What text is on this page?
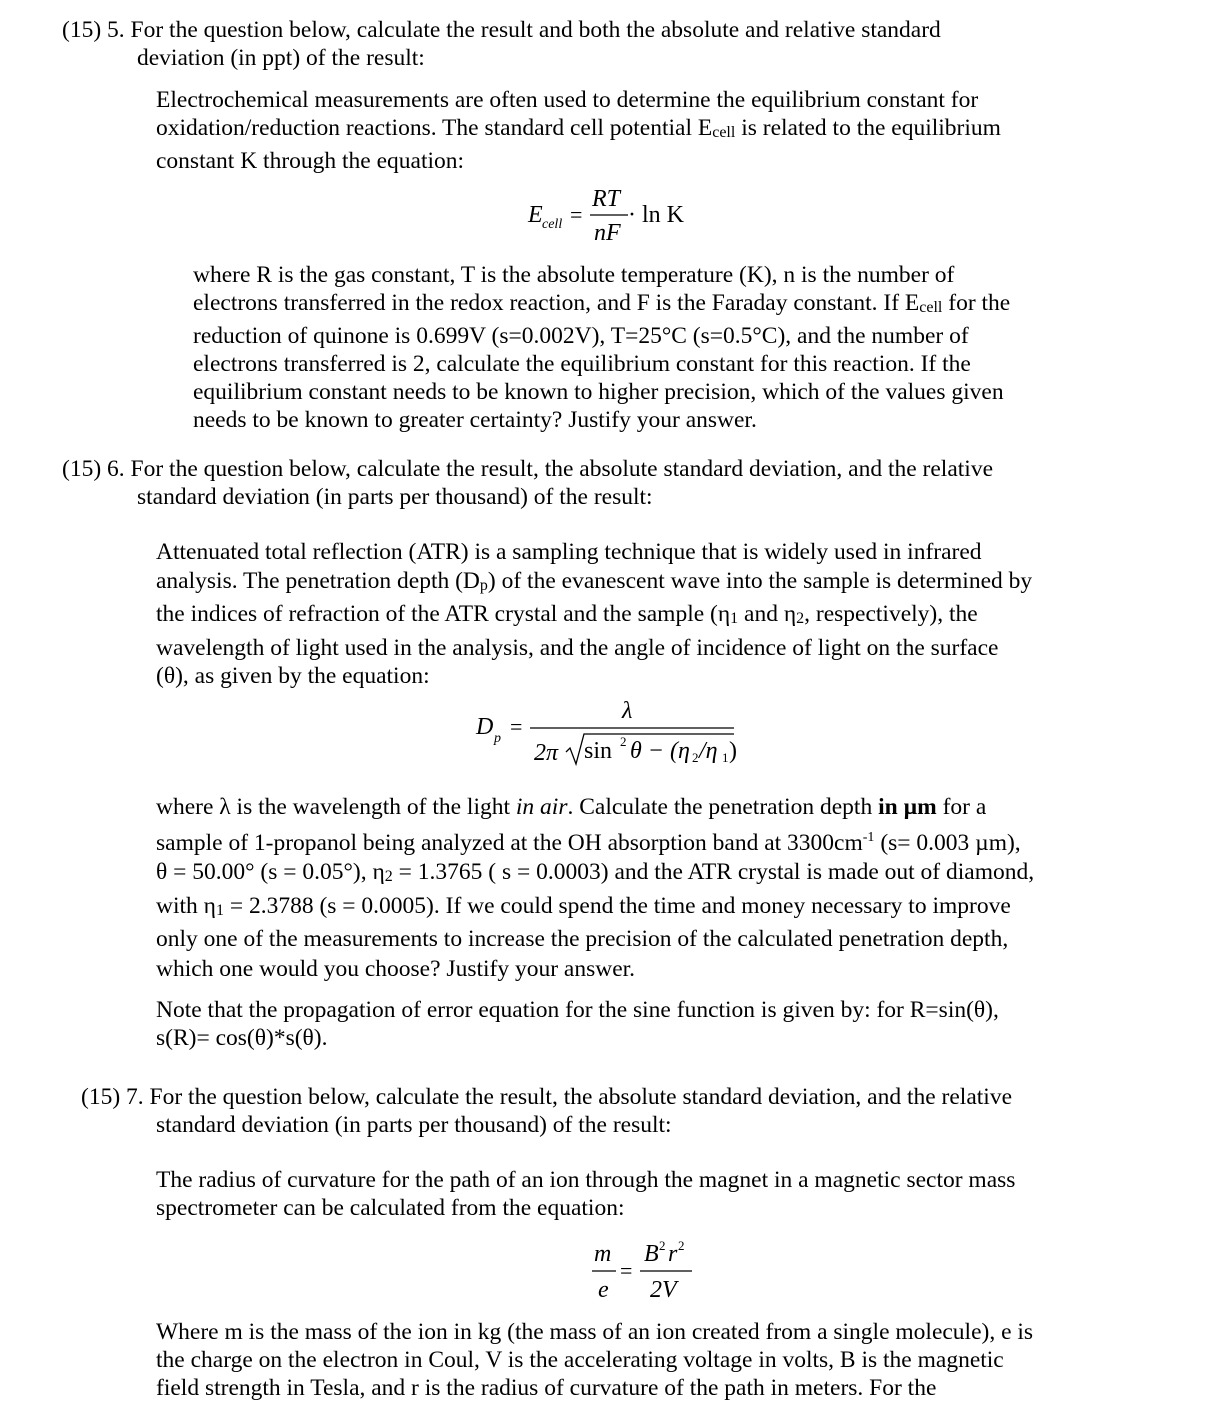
(15) 5. For the question below, calculate the result and both the absolute and relative standard
deviation (in ppt) of the result:
Electrochemical measurements are often used to determine the equilibrium constant for
oxidation/reduction reactions. The standard cell potential Ecell is related to the equilibrium
constant K through the equation:
E cell =
RT
nF
· ln K
where R is the gas constant, T is the absolute temperature (K), n is the number of
electrons transferred in the redox reaction, and F is the Faraday constant. If Ecell for the
reduction of quinone is 0.699V (s=0.002V), T=25°C (s=0.5°C), and the number of
electrons transferred is 2, calculate the equilibrium constant for this reaction. If the
equilibrium constant needs to be known to higher precision, which of the values given
needs to be known to greater certainty? Justify your answer.
(15) 6. For the question below, calculate the result, the absolute standard deviation, and the relative
standard deviation (in parts per thousand) of the result:
Attenuated total reflection (ATR) is a sampling technique that is widely used in infrared
analysis. The penetration depth (Dp) of the evanescent wave into the sample is determined by
the indices of refraction of the ATR crystal and the sample (η1 and η2, respectively), the
wavelength of light used in the analysis, and the angle of incidence of light on the surface
(θ), as given by the equation:
D p =
λ
2π sin 2 θ − (η 2 /η 1 )
where λ is the wavelength of the light in air. Calculate the penetration depth in µm for a
sample of 1-propanol being analyzed at the OH absorption band at $3300cm^{-1}$ (s= 0.003 µm),
θ = 50.00° (s = 0.05°), η2 = 1.3765 ( s = 0.0003) and the ATR crystal is made out of diamond,
with η1 = 2.3788 (s = 0.0005). If we could spend the time and money necessary to improve
only one of the measurements to increase the precision of the calculated penetration depth,
which one would you choose? Justify your answer.
Note that the propagation of error equation for the sine function is given by: for R=sin(θ),
s(R)= cos(θ)*s(θ).
(15) 7. For the question below, calculate the result, the absolute standard deviation, and the relative
standard deviation (in parts per thousand) of the result:
The radius of curvature for the path of an ion through the magnet in a magnetic sector mass
spectrometer can be calculated from the equation:
m
e
=
B 2 r 2
2V
Where m is the mass of the ion in kg (the mass of an ion created from a single molecule), e is
the charge on the electron in Coul, V is the accelerating voltage in volts, B is the magnetic
field strength in Tesla, and r is the radius of curvature of the path in meters. For the
